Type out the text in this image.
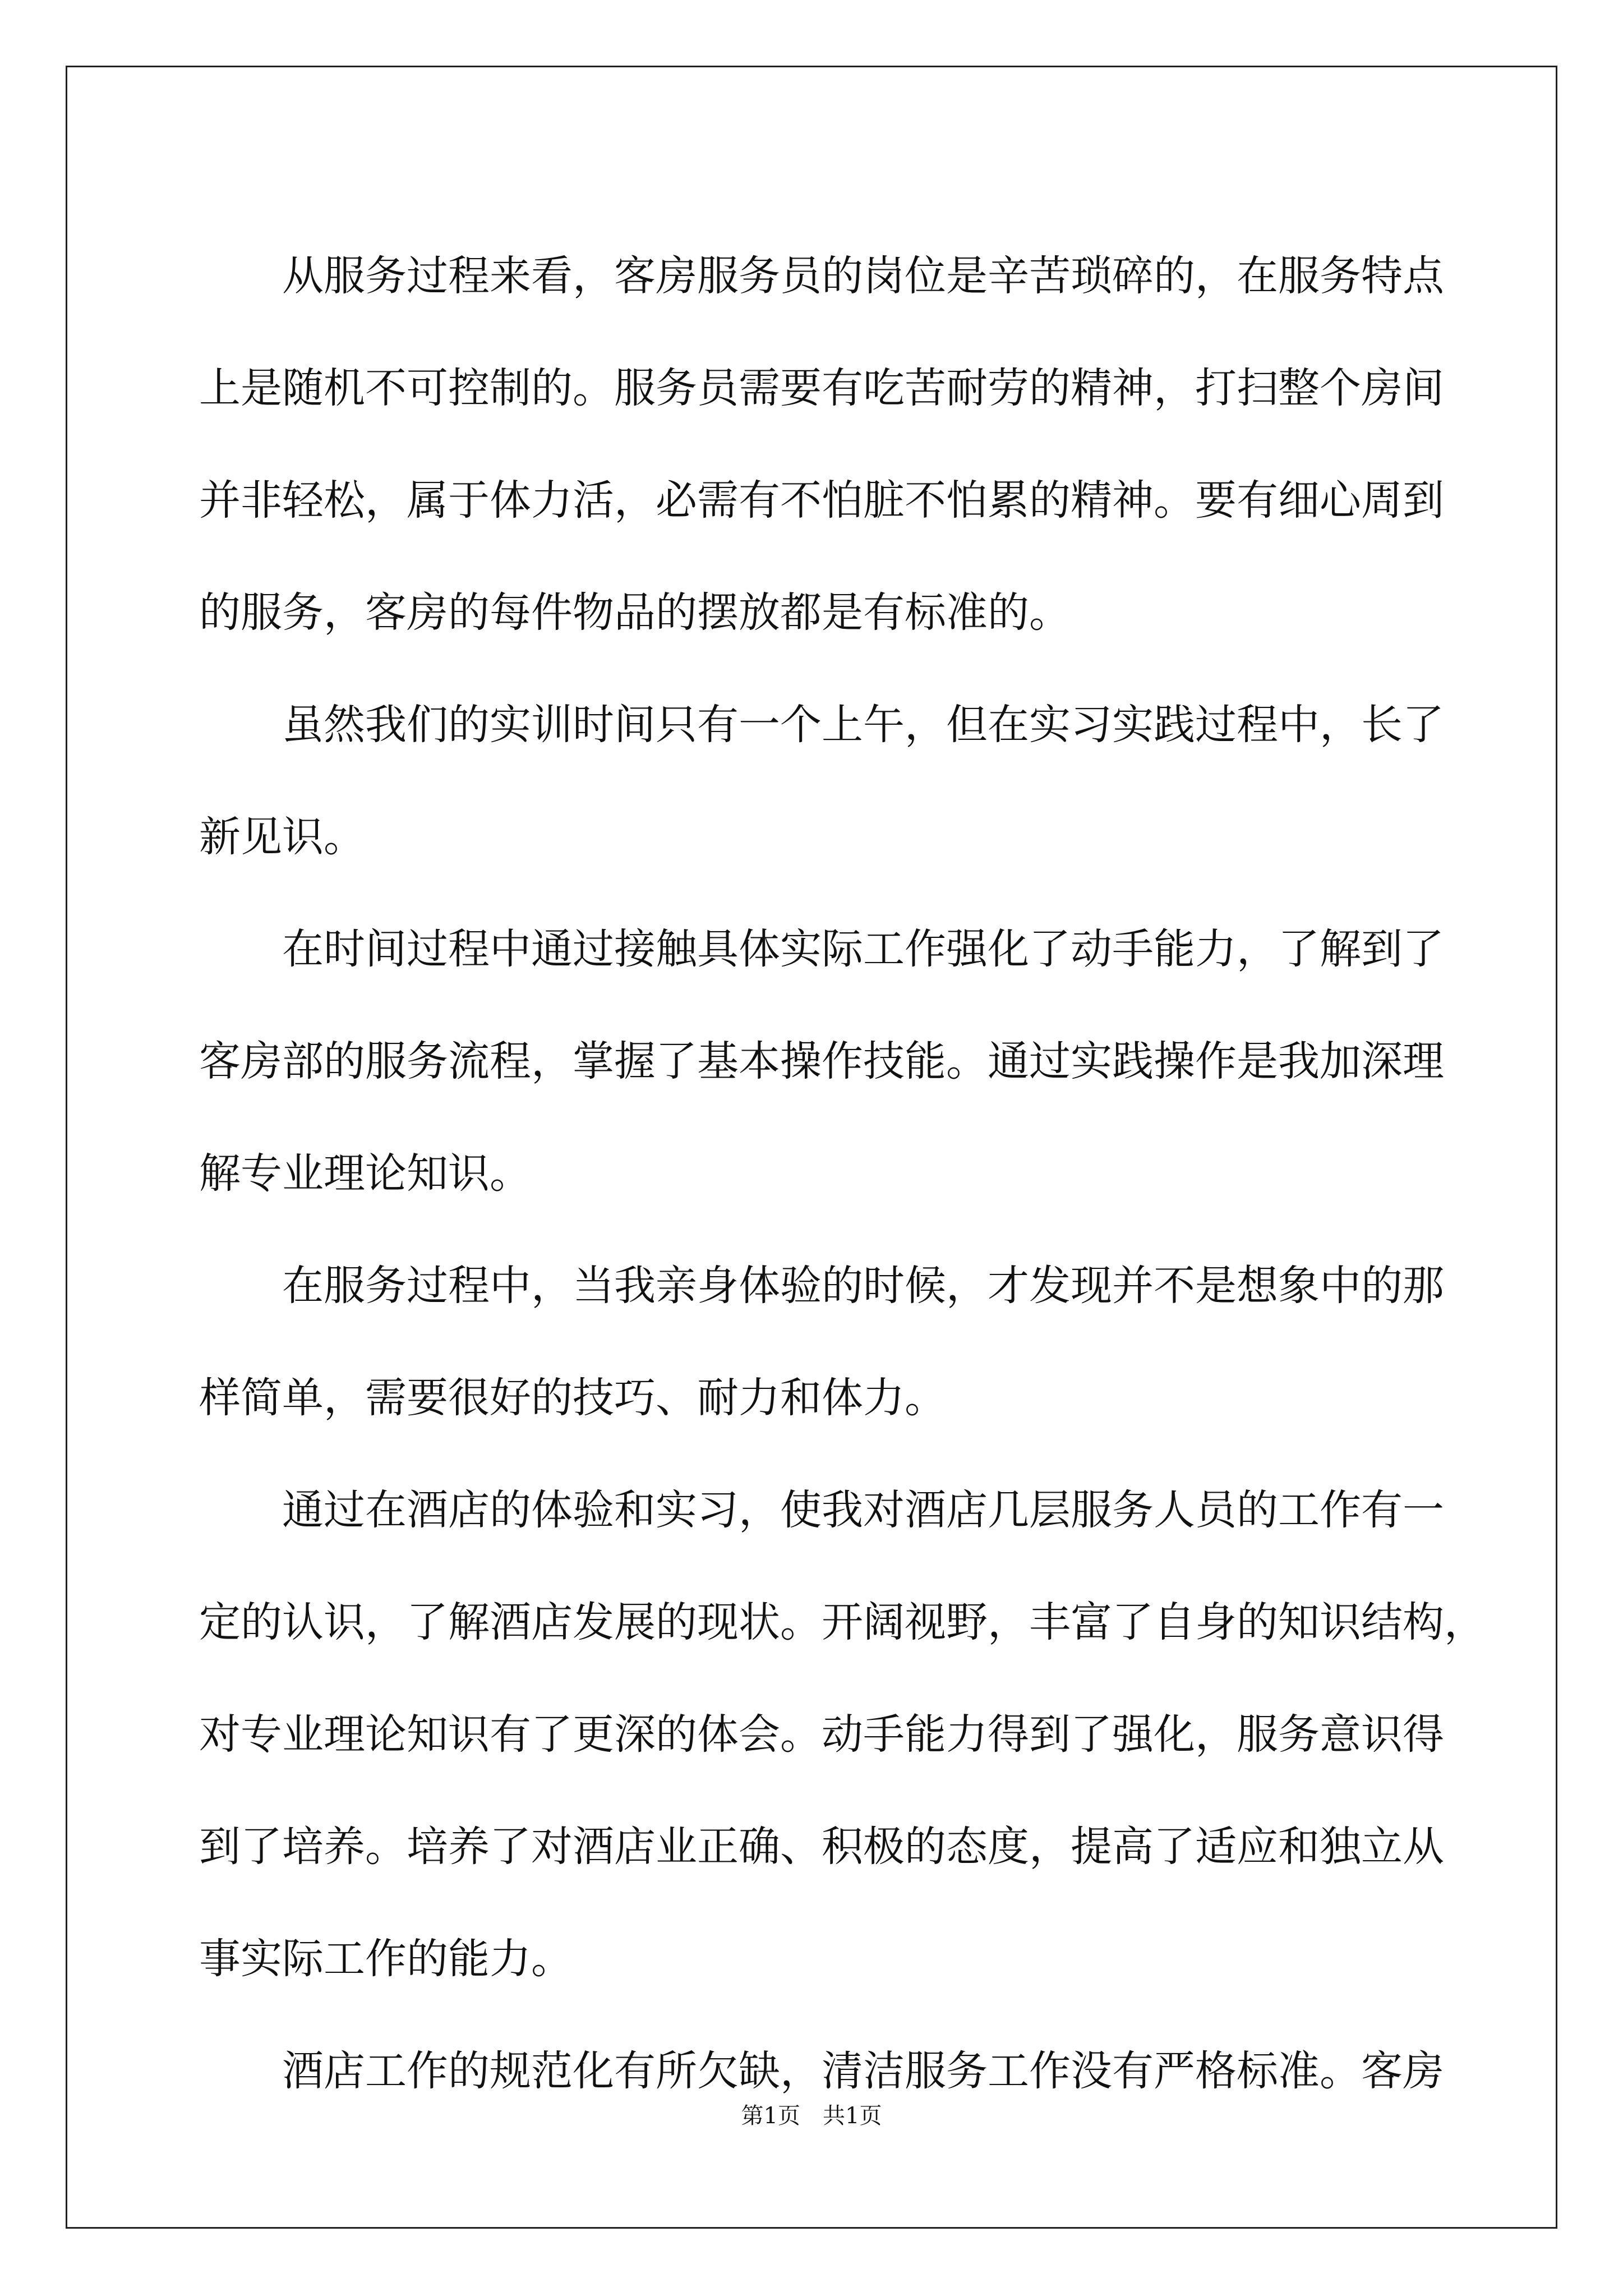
从服务过程来看，客房服务员的岗位是辛苦琐碎的，在服务特点
上是随机不可控制的。服务员需要有吃苦耐劳的精神，打扫整个房间
并非轻松，属于体力活，必需有不怕脏不怕累的精神。要有细心周到
的服务，客房的每件物品的摆放都是有标准的。
虽然我们的实训时间只有一个上午，但在实习实践过程中，长了
新见识。
在时间过程中通过接触具体实际工作强化了动手能力，了解到了
客房部的服务流程，掌握了基本操作技能。通过实践操作是我加深理
解专业理论知识。
在服务过程中，当我亲身体验的时候，才发现并不是想象中的那
样简单，需要很好的技巧、耐力和体力。
通过在酒店的体验和实习，使我对酒店几层服务人员的工作有一
定的认识，了解酒店发展的现状。开阔视野，丰富了自身的知识结构，
对专业理论知识有了更深的体会。动手能力得到了强化，服务意识得
到了培养。培养了对酒店业正确、积极的态度，提高了适应和独立从
事实际工作的能力。
酒店工作的规范化有所欠缺，清洁服务工作没有严格标准。客房
第1页　共1页
